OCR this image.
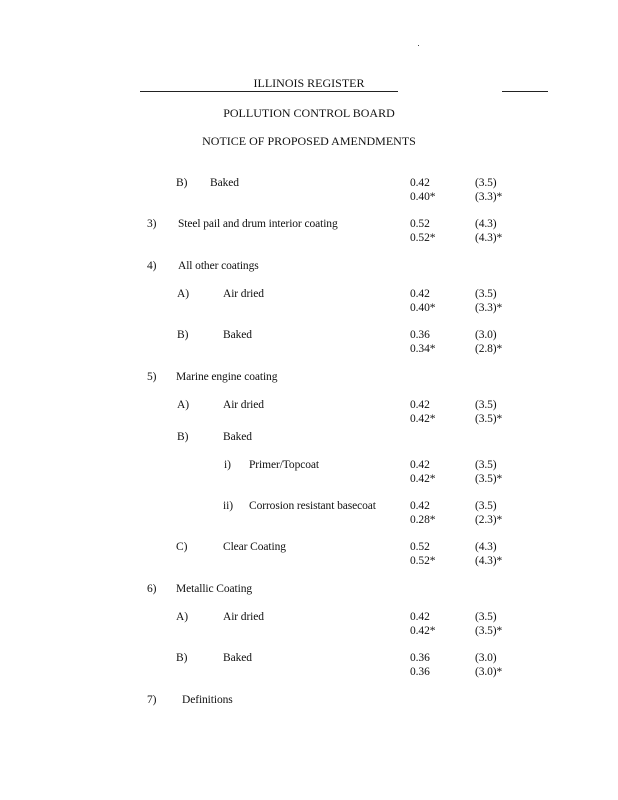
ILLINOIS REGISTER
POLLUTION CONTROL BOARD
NOTICE OF PROPOSED AMENDMENTS
B) Baked	0.42	(3.5)
0.40*	(3.3)*
3) Steel pail and drum interior coating	0.52	(4.3)
0.52*	(4.3)*
4) All other coatings
A)	Air dried	0.42	(3.5)
0.40*	(3.3)*
B)	Baked	0.36	(3.0)
0.34*	(2.8)*
5) Marine engine coating
A)	Air dried	0.42	(3.5)
0.42*	(3.5)*
B)	Baked
i) Primer/Topcoat	0.42	(3.5)
0.42*	(3.5)*
ii) Corrosion resistant basecoat	0.42	(3.5)
0.28*	(2.3)*
C)	Clear Coating	0.52	(4.3)
0.52*	(4.3)*
6) Metallic Coating
A)	Air dried	0.42	(3.5)
0.42*	(3.5)*
B)	Baked	0.36	(3.0)
0.36	(3.0)*
7) Definitions
